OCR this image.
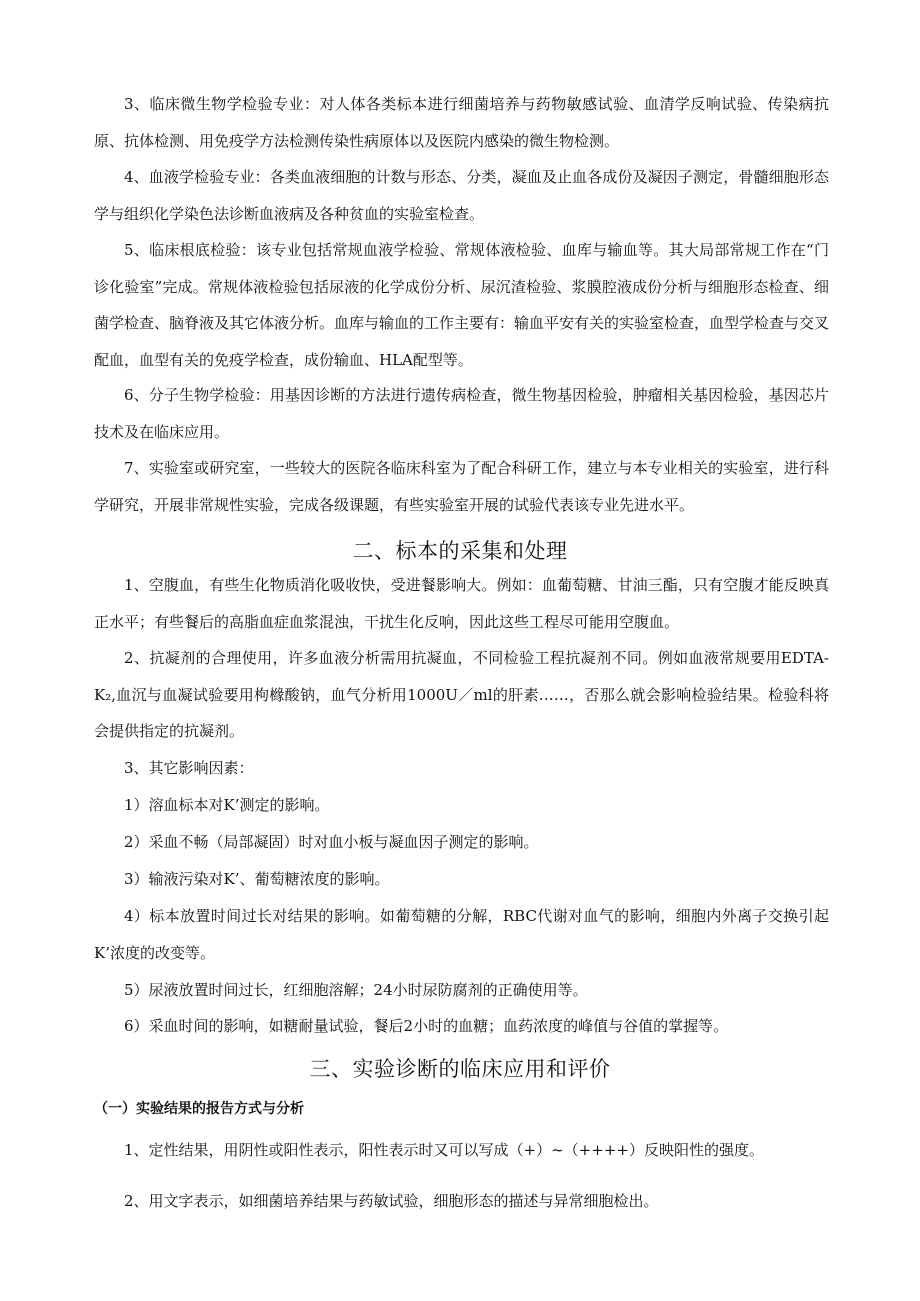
3、临床微生物学检验专业：对人体各类标本进行细菌培养与药物敏感试验、血清学反响试验、传染病抗原、抗体检测、用免疫学方法检测传染性病原体以及医院内感染的微生物检测。

4、血液学检验专业：各类血液细胞的计数与形态、分类，凝血及止血各成份及凝因子测定，骨髓细胞形态学与组织化学染色法诊断血液病及各种贫血的实验室检查。

5、临床根底检验：该专业包括常规血液学检验、常规体液检验、血库与输血等。其大局部常规工作在“门诊化验室”完成。常规体液检验包括尿液的化学成份分析、尿沉渣检验、浆膜腔液成份分析与细胞形态检查、细菌学检查、脑脊液及其它体液分析。血库与输血的工作主要有：输血平安有关的实验室检查，血型学检查与交叉配血，血型有关的免疫学检查，成份输血、HLA配型等。

6、分子生物学检验：用基因诊断的方法进行遗传病检查，微生物基因检验，肿瘤相关基因检验，基因芯片技术及在临床应用。

7、实验室或研究室，一些较大的医院各临床科室为了配合科研工作，建立与本专业相关的实验室，进行科学研究，开展非常规性实验，完成各级课题，有些实验室开展的试验代表该专业先进水平。

二、标本的采集和处理

1、空腹血，有些生化物质消化吸收快，受进餐影响大。例如：血葡萄糖、甘油三酯，只有空腹才能反映真正水平；有些餐后的高脂血症血浆混浊，干扰生化反响，因此这些工程尽可能用空腹血。

2、抗凝剂的合理使用，许多血液分析需用抗凝血，不同检验工程抗凝剂不同。例如血液常规要用EDTA-K₂,血沉与血凝试验要用枸橼酸钠，血气分析用1000U／ml的肝素……，否那么就会影响检验结果。检验科将会提供指定的抗凝剂。

3、其它影响因素：

1）溶血标本对K’测定的影响。

2）采血不畅（局部凝固）时对血小板与凝血因子测定的影响。

3）输液污染对K’、葡萄糖浓度的影响。

4）标本放置时间过长对结果的影响。如葡萄糖的分解，RBC代谢对血气的影响，细胞内外离子交换引起K’浓度的改变等。

5）尿液放置时间过长，红细胞溶解；24小时尿防腐剂的正确使用等。

6）采血时间的影响，如糖耐量试验，餐后2小时的血糖；血药浓度的峰值与谷值的掌握等。

三、实验诊断的临床应用和评价
（一）实验结果的报告方式与分析

1、定性结果，用阴性或阳性表示，阳性表示时又可以写成（+）~（++++）反映阳性的强度。

2、用文字表示，如细菌培养结果与药敏试验，细胞形态的描述与异常细胞检出。
